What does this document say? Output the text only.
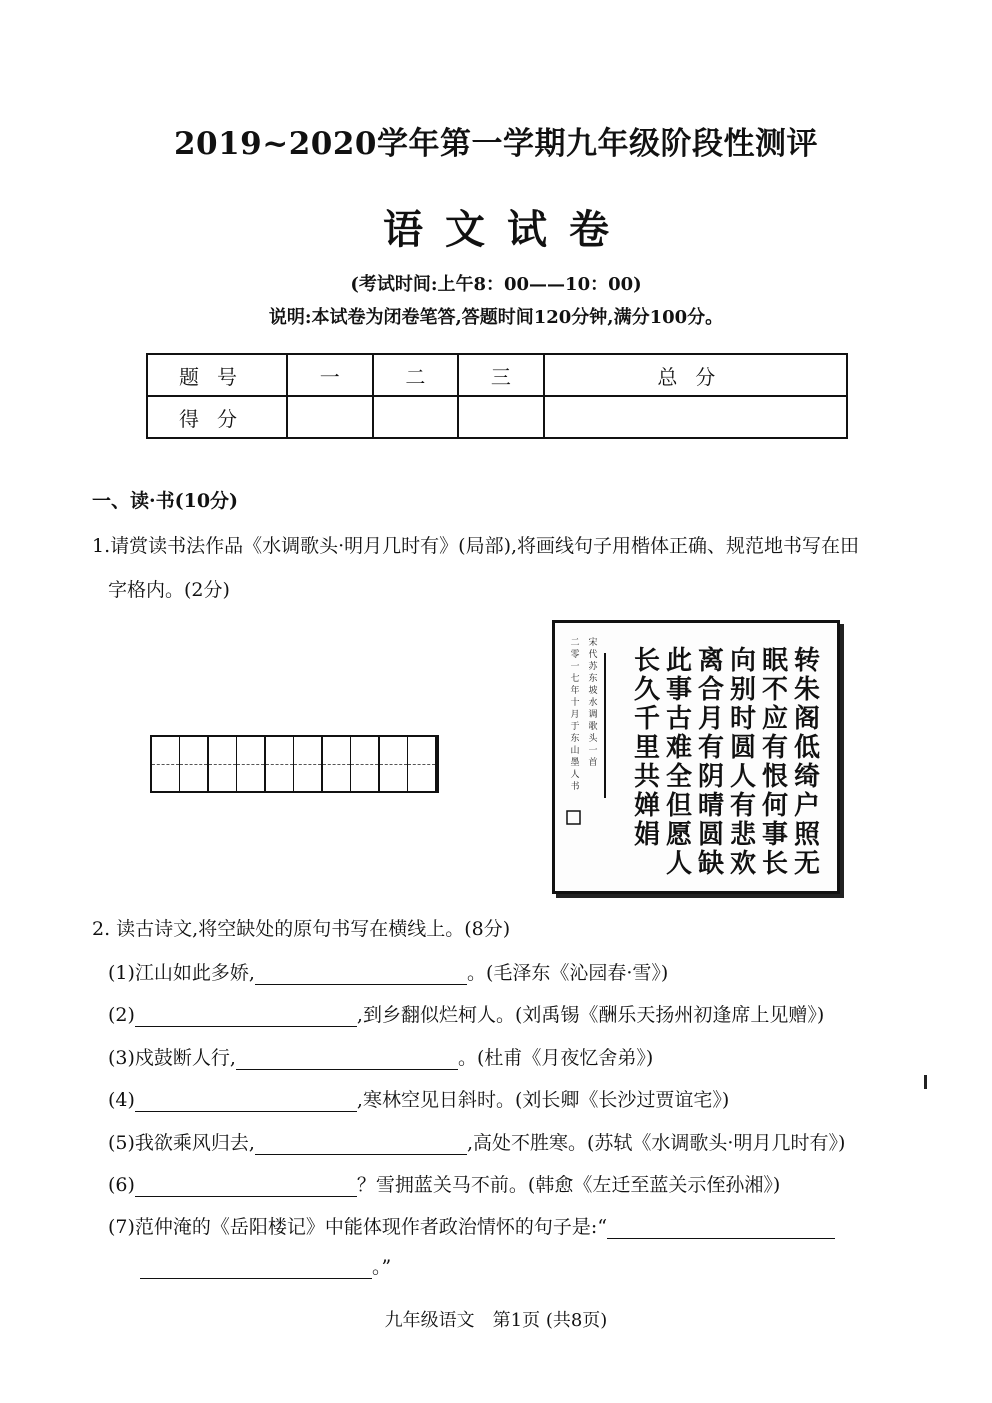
2019~2020学年第一学期九年级阶段性测评
语文试卷
(考试时间:上午8：00——10：00)
说明:本试卷为闭卷笔答,答题时间120分钟,满分100分。
题号	一	二	三	总分
得分				
一、读·书(10分)
1.请赏读书法作品《水调歌头·明月几时有》(局部),将画线句子用楷体正确、规范地书写在田
字格内。(2分)
转
朱
阁
低
绮
户
照
无
眠
不
应
有
恨
何
事
长
向
别
时
圆
人
有
悲
欢
离
合
月
有
阴
晴
圆
缺
此
事
古
难
全
但
愿
人
长
久
千
里
共
婵
娟
宋
代
苏
东
坡
水
调
歌
头
一
首
二
零
一
七
年
十
月
于
东
山
墨
人
书
2. 读古诗文,将空缺处的原句书写在横线上。(8分)
(1)江山如此多娇,	。(毛泽东《沁园春·雪》)
(2)	,到乡翻似烂柯人。(刘禹锡《酬乐天扬州初逢席上见赠》)
(3)戍鼓断人行,	。(杜甫《月夜忆舍弟》)
(4)	,寒林空见日斜时。(刘长卿《长沙过贾谊宅》)
(5)我欲乘风归去,	,高处不胜寒。(苏轼《水调歌头·明月几时有》)
(6)	？雪拥蓝关马不前。(韩愈《左迁至蓝关示侄孙湘》)
(7)范仲淹的《岳阳楼记》中能体现作者政治情怀的句子是:“
。”
九年级语文　第1页 (共8页)
